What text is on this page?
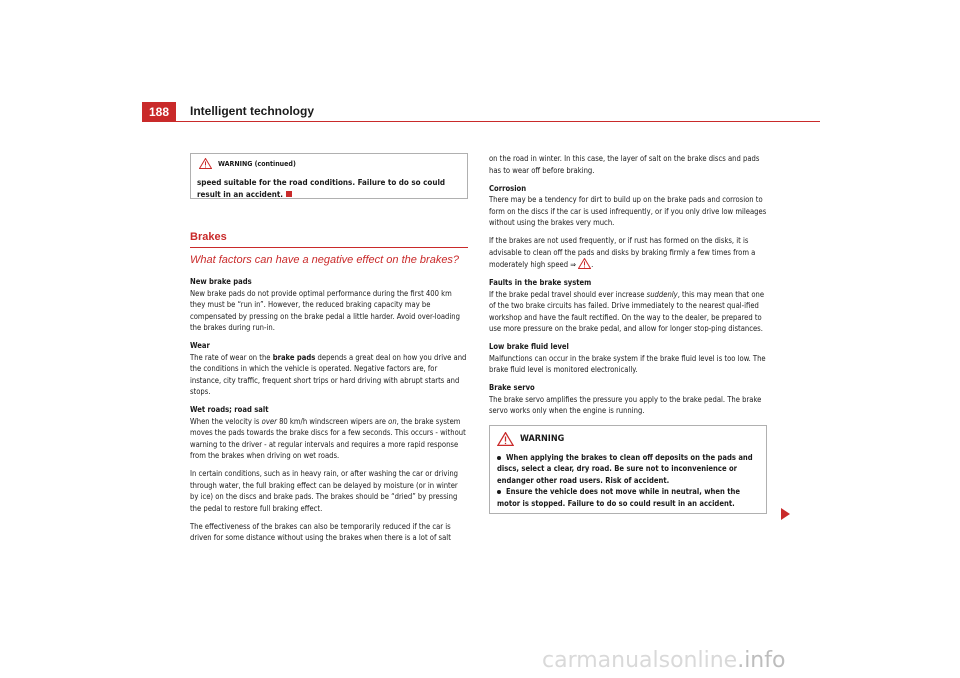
188	Intelligent technology
WARNING (continued)
speed suitable for the road conditions. Failure to do so could result in an accident.
Brakes
What factors can have a negative effect on the brakes?

New brake pads

New brake pads do not provide optimal performance during the first 400 km they must be “run in”. However, the reduced braking capacity may be compensated by pressing on the brake pedal a little harder. Avoid over-loading the brakes during run-in.

Wear

The rate of wear on the brake pads depends a great deal on how you drive and the conditions in which the vehicle is operated. Negative factors are, for instance, city traffic, frequent short trips or hard driving with abrupt starts and stops.

Wet roads; road salt

When the velocity is over 80 km/h windscreen wipers are on, the brake system moves the pads towards the brake discs for a few seconds. This occurs - without warning to the driver - at regular intervals and requires a more rapid response from the brakes when driving on wet roads.

In certain conditions, such as in heavy rain, or after washing the car or driving through water, the full braking effect can be delayed by moisture (or in winter by ice) on the discs and brake pads. The brakes should be “dried” by pressing the pedal to restore full braking effect.

The effectiveness of the brakes can also be temporarily reduced if the car is driven for some distance without using the brakes when there is a lot of salt

on the road in winter. In this case, the layer of salt on the brake discs and pads has to wear off before braking.

Corrosion

There may be a tendency for dirt to build up on the brake pads and corrosion to form on the discs if the car is used infrequently, or if you only drive low mileages without using the brakes very much.

If the brakes are not used frequently, or if rust has formed on the disks, it is advisable to clean off the pads and disks by braking firmly a few times from a moderately high speed ⇒ .

Faults in the brake system

If the brake pedal travel should ever increase suddenly, this may mean that one of the two brake circuits has failed. Drive immediately to the nearest qual-ified workshop and have the fault rectified. On the way to the dealer, be prepared to use more pressure on the brake pedal, and allow for longer stop-ping distances.

Low brake fluid level

Malfunctions can occur in the brake system if the brake fluid level is too low. The brake fluid level is monitored electronically.

Brake servo

The brake servo amplifies the pressure you apply to the brake pedal. The brake servo works only when the engine is running.

WARNING

When applying the brakes to clean off deposits on the pads and discs, select a clear, dry road. Be sure not to inconvenience or endanger other road users. Risk of accident.

Ensure the vehicle does not move while in neutral, when the motor is stopped. Failure to do so could result in an accident.

carmanualsonline.info
